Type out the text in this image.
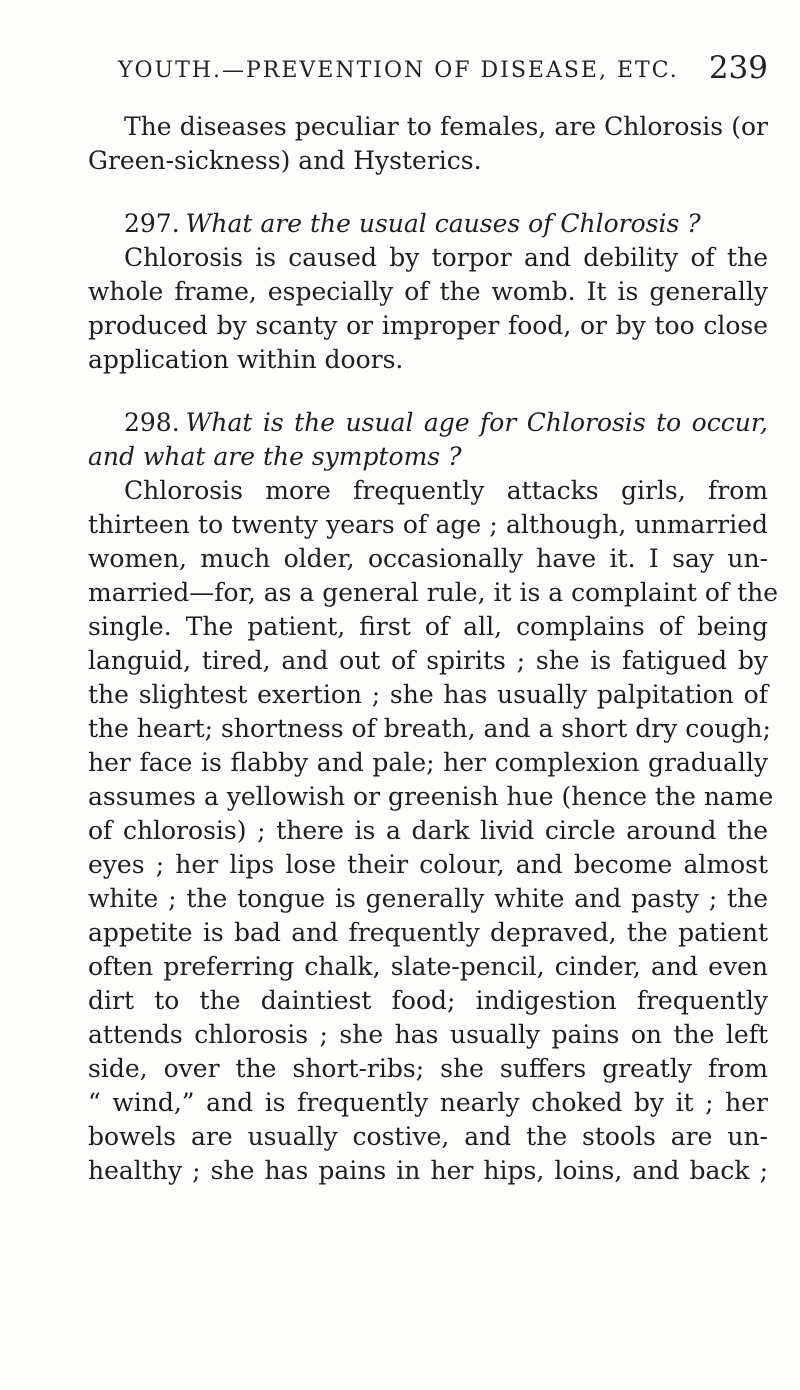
YOUTH.—PREVENTION OF DISEASE, ETC. 239
The diseases peculiar to females, are Chlorosis (or
Green-sickness) and Hysterics.
297. What are the usual causes of Chlorosis ?
Chlorosis is caused by torpor and debility of the
whole frame, especially of the womb. It is generally
produced by scanty or improper food, or by too close
application within doors.
298. What is the usual age for Chlorosis to occur,
and what are the symptoms ?
Chlorosis more frequently attacks girls, from
thirteen to twenty years of age ; although, unmarried
women, much older, occasionally have it. I say un-
married—for, as a general rule, it is a complaint of the
single. The patient, first of all, complains of being
languid, tired, and out of spirits ; she is fatigued by
the slightest exertion ; she has usually palpitation of
the heart; shortness of breath, and a short dry cough;
her face is flabby and pale; her complexion gradually
assumes a yellowish or greenish hue (hence the name
of chlorosis) ; there is a dark livid circle around the
eyes ; her lips lose their colour, and become almost
white ; the tongue is generally white and pasty ; the
appetite is bad and frequently depraved, the patient
often preferring chalk, slate-pencil, cinder, and even
dirt to the daintiest food; indigestion frequently
attends chlorosis ; she has usually pains on the left
side, over the short-ribs; she suffers greatly from
“ wind,” and is frequently nearly choked by it ; her
bowels are usually costive, and the stools are un-
healthy ; she has pains in her hips, loins, and back ;
